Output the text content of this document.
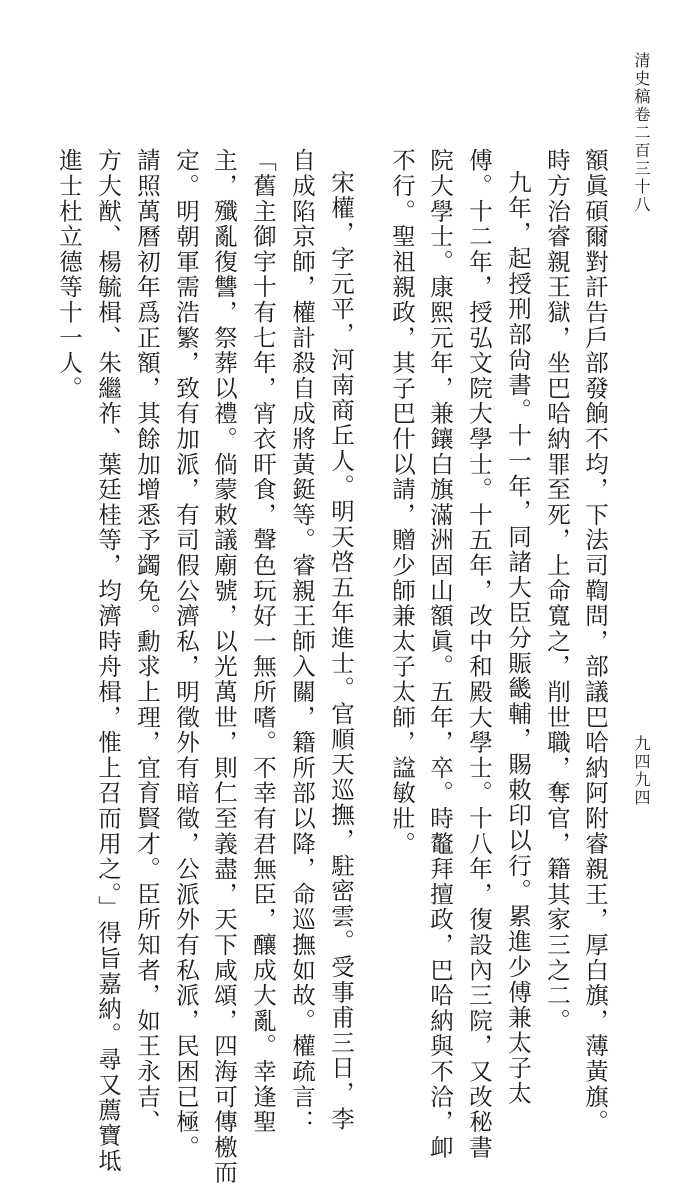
清史稿卷二百三十八
九四九四
額眞碩爾對訐告戶部發餉不均，下法司鞫問，部議巴哈納阿附睿親王，厚白旗，薄黃旗。
時方治睿親王獄，坐巴哈納罪至死，上命寬之，削世職，奪官，籍其家三之二。
九年，起授刑部尙書。十一年，同諸大臣分賑畿輔，賜敕印以行。累進少傅兼太子太
傅。十二年，授弘文院大學士。十五年，改中和殿大學士。十八年，復設內三院，又改秘書
院大學士。康熙元年，兼鑲白旗滿洲固山額眞。五年，卒。時鼇拜擅政，巴哈納與不洽，卹
不行。聖祖親政，其子巴什以請，贈少師兼太子太師，諡敏壯。
宋權，字元平，河南商丘人。明天啓五年進士。官順天巡撫，駐密雲。受事甫三日，李
自成陷京師，權計殺自成將黃鋌等。睿親王師入關，籍所部以降，命巡撫如故。權疏言：
「舊主御宇十有七年，宵衣旰食，聲色玩好一無所嗜。不幸有君無臣，釀成大亂。幸逢聖
主，殲亂復讐，祭葬以禮。倘蒙敕議廟號，以光萬世，則仁至義盡，天下咸頌，四海可傳檄而
定。明朝軍需浩繁，致有加派，有司假公濟私，明徵外有暗徵，公派外有私派，民困已極。
請照萬曆初年爲正額，其餘加增悉予蠲免。勳求上理，宜育賢才。臣所知者，如王永吉、
方大猷、楊毓楫、朱繼祚、葉廷桂等，均濟時舟楫，惟上召而用之。」得旨嘉納。尋又薦寶坻
進士杜立德等十一人。
